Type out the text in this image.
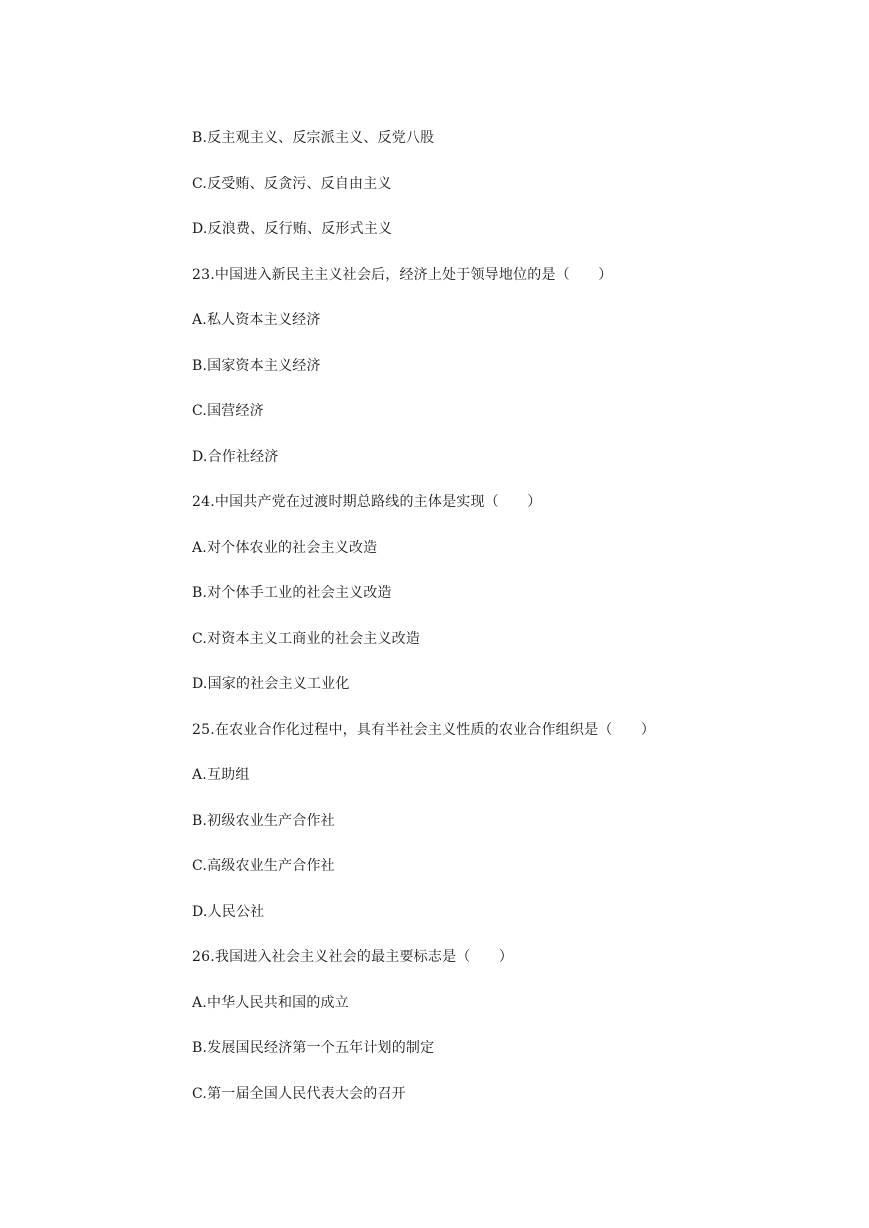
B.反主观主义、反宗派主义、反党八股
C.反受贿、反贪污、反自由主义
D.反浪费、反行贿、反形式主义
23.中国进入新民主主义社会后，经济上处于领导地位的是（　　）
A.私人资本主义经济
B.国家资本主义经济
C.国营经济
D.合作社经济
24.中国共产党在过渡时期总路线的主体是实现（　　）
A.对个体农业的社会主义改造
B.对个体手工业的社会主义改造
C.对资本主义工商业的社会主义改造
D.国家的社会主义工业化
25.在农业合作化过程中，具有半社会主义性质的农业合作组织是（　　）
A.互助组
B.初级农业生产合作社
C.高级农业生产合作社
D.人民公社
26.我国进入社会主义社会的最主要标志是（　　）
A.中华人民共和国的成立
B.发展国民经济第一个五年计划的制定
C.第一届全国人民代表大会的召开
